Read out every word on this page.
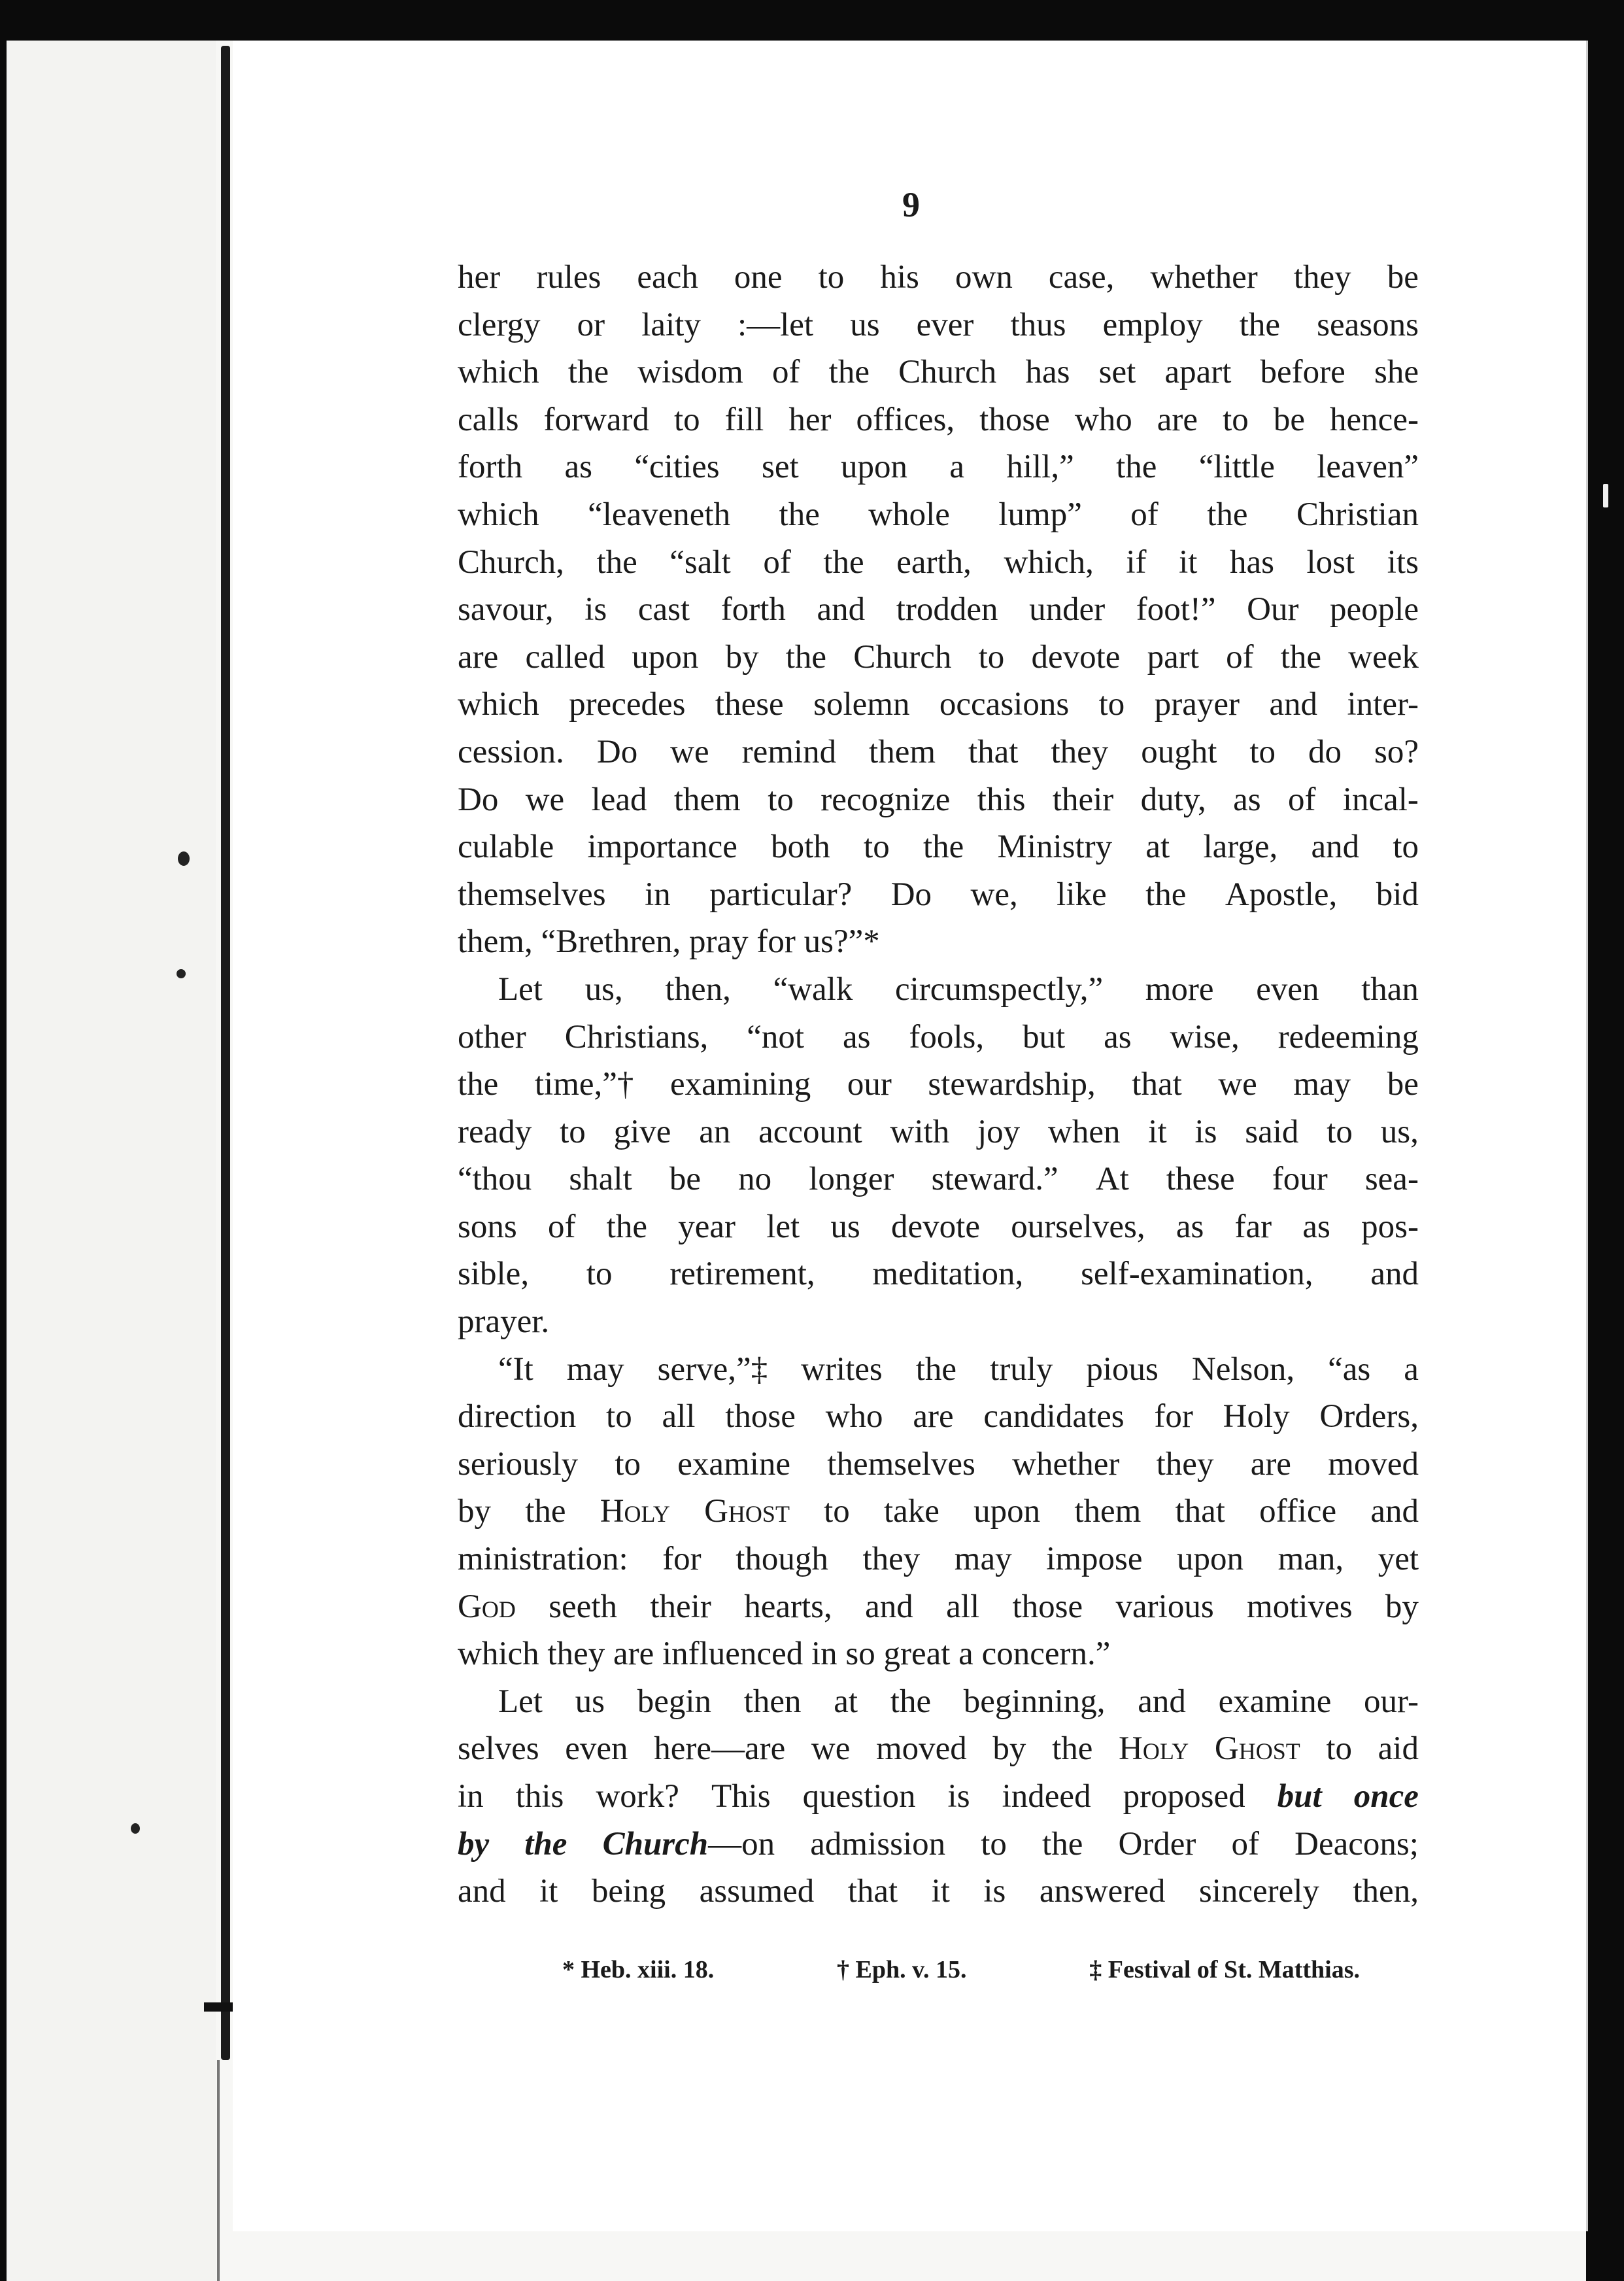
9
her rules each one to his own case, whether they be
clergy or laity :—let us ever thus employ the seasons
which the wisdom of the Church has set apart before she
calls forward to fill her offices, those who are to be hence-
forth as “cities set upon a hill,” the “little leaven”
which “leaveneth the whole lump” of the Christian
Church, the “salt of the earth, which, if it has lost its
savour, is cast forth and trodden under foot!” Our people
are called upon by the Church to devote part of the week
which precedes these solemn occasions to prayer and inter-
cession. Do we remind them that they ought to do so?
Do we lead them to recognize this their duty, as of incal-
culable importance both to the Ministry at large, and to
themselves in particular? Do we, like the Apostle, bid
them, “Brethren, pray for us?”*
Let us, then, “walk circumspectly,” more even than
other Christians, “not as fools, but as wise, redeeming
the time,”† examining our stewardship, that we may be
ready to give an account with joy when it is said to us,
“thou shalt be no longer steward.” At these four sea-
sons of the year let us devote ourselves, as far as pos-
sible, to retirement, meditation, self-examination, and
prayer.
“It may serve,”‡ writes the truly pious Nelson, “as a
direction to all those who are candidates for Holy Orders,
seriously to examine themselves whether they are moved
by the Holy Ghost to take upon them that office and
ministration: for though they may impose upon man, yet
God seeth their hearts, and all those various motives by
which they are influenced in so great a concern.”
Let us begin then at the beginning, and examine our-
selves even here—are we moved by the Holy Ghost to aid
in this work? This question is indeed proposed but once
by the Church—on admission to the Order of Deacons;
and it being assumed that it is answered sincerely then,
* Heb. xiii. 18.	† Eph. v. 15.	‡ Festival of St. Matthias.
